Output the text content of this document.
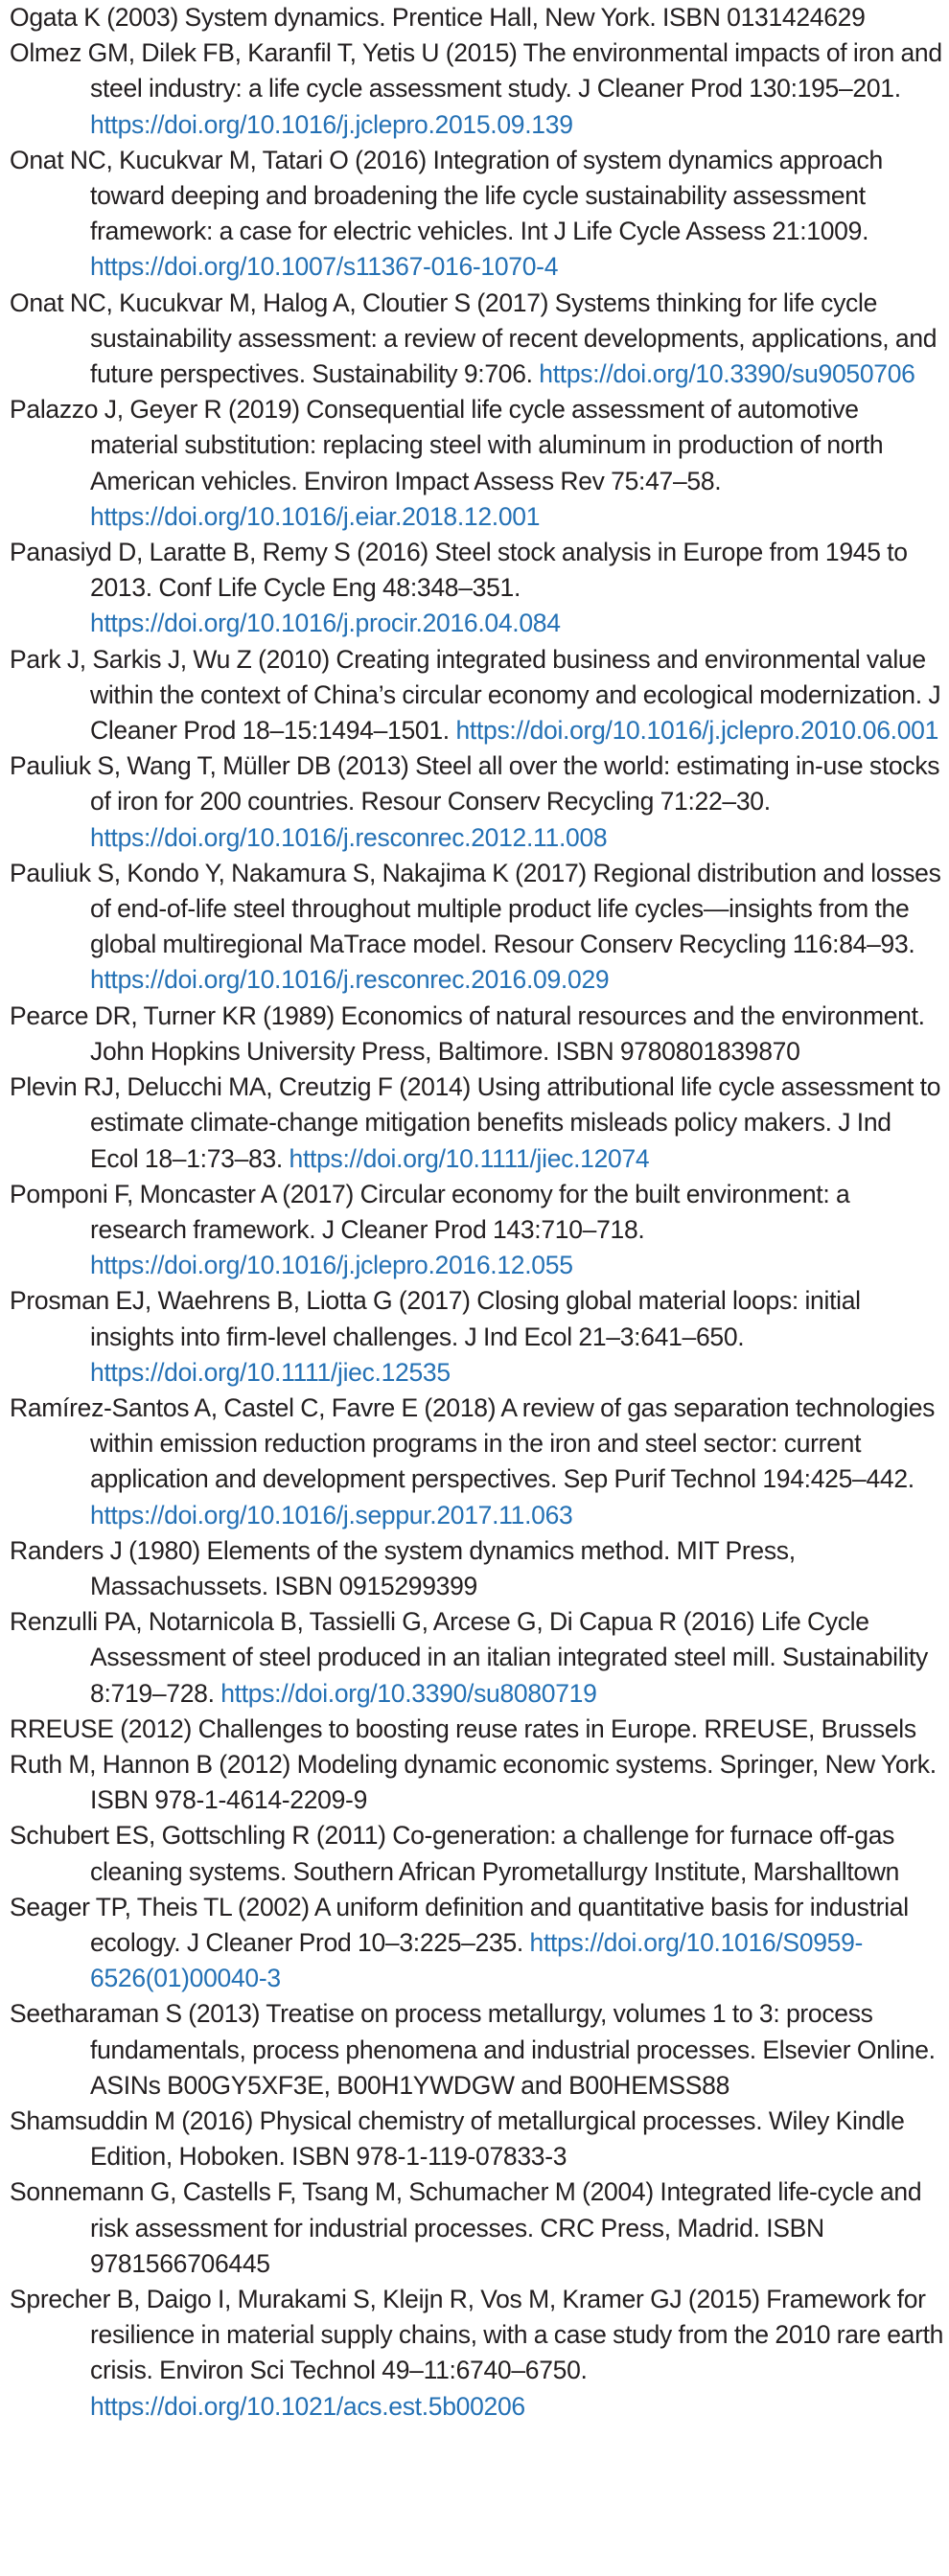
Ogata K (2003) System dynamics. Prentice Hall, New York. ISBN 0131424629
Olmez GM, Dilek FB, Karanfil T, Yetis U (2015) The environmental impacts of iron and steel industry: a life cycle assessment study. J Cleaner Prod 130:195–201. https://doi.org/10.1016/j.jclepro.2015.09.139
Onat NC, Kucukvar M, Tatari O (2016) Integration of system dynamics approach toward deeping and broadening the life cycle sustainability assessment framework: a case for electric vehicles. Int J Life Cycle Assess 21:1009. https://doi.org/10.1007/s11367-016-1070-4
Onat NC, Kucukvar M, Halog A, Cloutier S (2017) Systems thinking for life cycle sustainability assessment: a review of recent developments, applications, and future perspectives. Sustainability 9:706. https://doi.org/10.3390/su9050706
Palazzo J, Geyer R (2019) Consequential life cycle assessment of automotive material substitution: replacing steel with aluminum in production of north American vehicles. Environ Impact Assess Rev 75:47–58. https://doi.org/10.1016/j.eiar.2018.12.001
Panasiyd D, Laratte B, Remy S (2016) Steel stock analysis in Europe from 1945 to 2013. Conf Life Cycle Eng 48:348–351. https://doi.org/10.1016/j.procir.2016.04.084
Park J, Sarkis J, Wu Z (2010) Creating integrated business and environmental value within the context of China’s circular economy and ecological modernization. J Cleaner Prod 18–15:1494–1501. https://doi.org/10.1016/j.jclepro.2010.06.001
Pauliuk S, Wang T, Müller DB (2013) Steel all over the world: estimating in-use stocks of iron for 200 countries. Resour Conserv Recycling 71:22–30. https://doi.org/10.1016/j.resconrec.2012.11.008
Pauliuk S, Kondo Y, Nakamura S, Nakajima K (2017) Regional distribution and losses of end-of-life steel throughout multiple product life cycles—insights from the global multiregional MaTrace model. Resour Conserv Recycling 116:84–93. https://doi.org/10.1016/j.resconrec.2016.09.029
Pearce DR, Turner KR (1989) Economics of natural resources and the environment. John Hopkins University Press, Baltimore. ISBN 9780801839870
Plevin RJ, Delucchi MA, Creutzig F (2014) Using attributional life cycle assessment to estimate climate-change mitigation benefits misleads policy makers. J Ind Ecol 18–1:73–83. https://doi.org/10.1111/jiec.12074
Pomponi F, Moncaster A (2017) Circular economy for the built environment: a research framework. J Cleaner Prod 143:710–718. https://doi.org/10.1016/j.jclepro.2016.12.055
Prosman EJ, Waehrens B, Liotta G (2017) Closing global material loops: initial insights into firm-level challenges. J Ind Ecol 21–3:641–650. https://doi.org/10.1111/jiec.12535
Ramírez-Santos A, Castel C, Favre E (2018) A review of gas separation technologies within emission reduction programs in the iron and steel sector: current application and development perspectives. Sep Purif Technol 194:425–442. https://doi.org/10.1016/j.seppur.2017.11.063
Randers J (1980) Elements of the system dynamics method. MIT Press, Massachussets. ISBN 0915299399
Renzulli PA, Notarnicola B, Tassielli G, Arcese G, Di Capua R (2016) Life Cycle Assessment of steel produced in an italian integrated steel mill. Sustainability 8:719–728. https://doi.org/10.3390/su8080719
RREUSE (2012) Challenges to boosting reuse rates in Europe. RREUSE, Brussels
Ruth M, Hannon B (2012) Modeling dynamic economic systems. Springer, New York. ISBN 978-1-4614-2209-9
Schubert ES, Gottschling R (2011) Co-generation: a challenge for furnace off-gas cleaning systems. Southern African Pyrometallurgy Institute, Marshalltown
Seager TP, Theis TL (2002) A uniform definition and quantitative basis for industrial ecology. J Cleaner Prod 10–3:225–235. https://doi.org/10.1016/S0959-6526(01)00040-3
Seetharaman S (2013) Treatise on process metallurgy, volumes 1 to 3: process fundamentals, process phenomena and industrial processes. Elsevier Online. ASINs B00GY5XF3E, B00H1YWDGW and B00HEMSS88
Shamsuddin M (2016) Physical chemistry of metallurgical processes. Wiley Kindle Edition, Hoboken. ISBN 978-1-119-07833-3
Sonnemann G, Castells F, Tsang M, Schumacher M (2004) Integrated life-cycle and risk assessment for industrial processes. CRC Press, Madrid. ISBN 9781566706445
Sprecher B, Daigo I, Murakami S, Kleijn R, Vos M, Kramer GJ (2015) Framework for resilience in material supply chains, with a case study from the 2010 rare earth crisis. Environ Sci Technol 49–11:6740–6750. https://doi.org/10.1021/acs.est.5b00206
